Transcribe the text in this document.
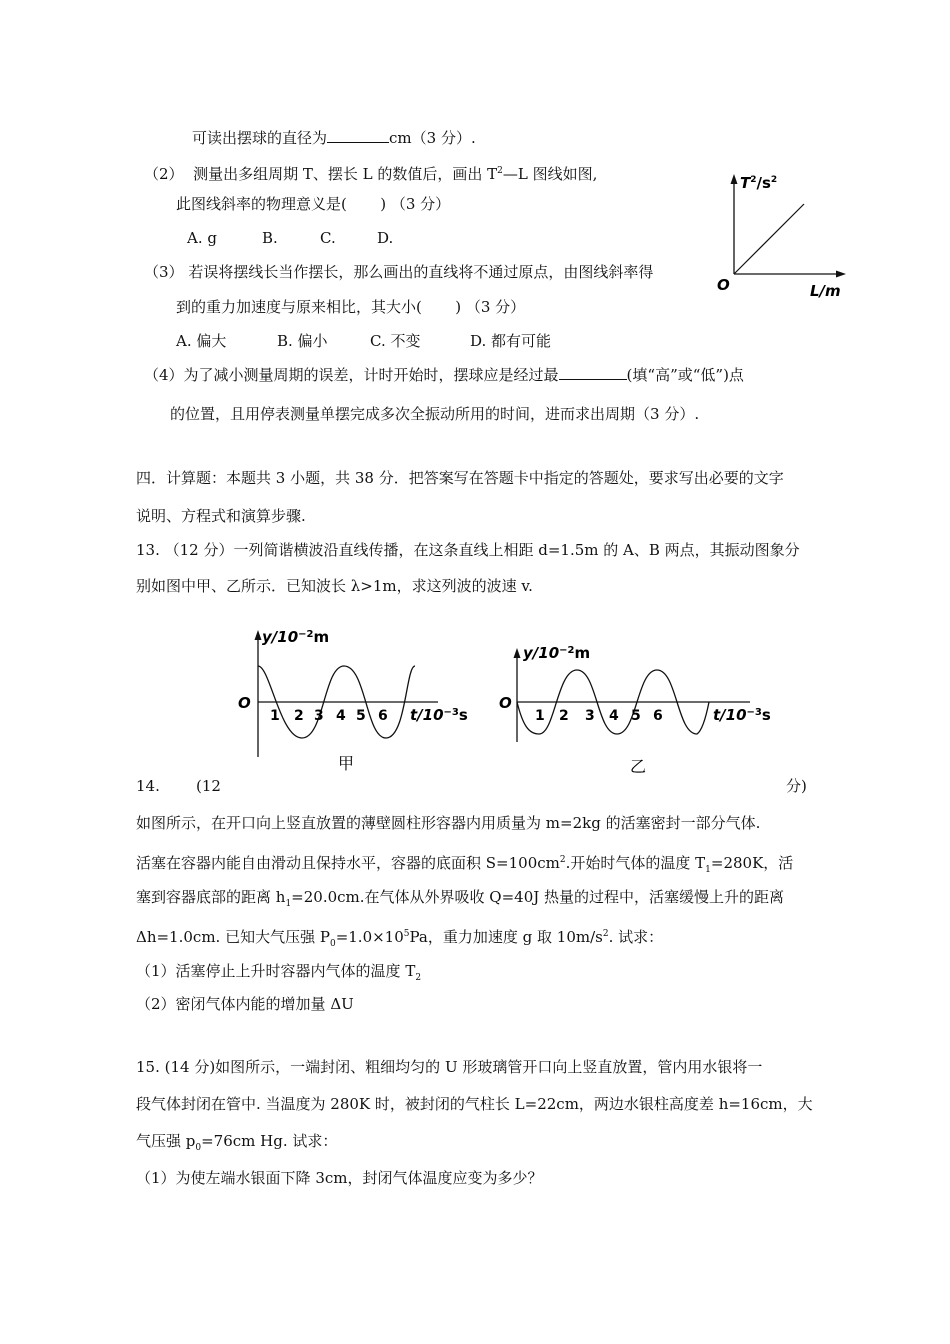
可读出摆球的直径为	cm（3 分）.
（2） 测量出多组周期 T、摆长 L 的数值后，画出 $T^2—L$ 图线如图,
此图线斜率的物理意义是(       ) （3 分）
A. g	B.	C.	D.
（3） 若误将摆线长当作摆长，那么画出的直线将不通过原点，由图线斜率得
到的重力加速度与原来相比，其大小(       ) （3 分）
A. 偏大	B. 偏小	C. 不变	D. 都有可能
（4）为了减小测量周期的误差，计时开始时，摆球应是经过最	(填“高”或“低”)点
的位置，且用停表测量单摆完成多次全振动所用的时间，进而求出周期（3 分）.
$T^2/s^2$
O	L/m
四．计算题：本题共 3 小题，共 38 分．把答案写在答题卡中指定的答题处，要求写出必要的文字
说明、方程式和演算步骤.
13. （12 分）一列简谐横波沿直线传播，在这条直线上相距 d=1.5m 的 A、B 两点，其振动图象分
别如图中甲、乙所示．已知波长 λ>1m，求这列波的波速 v.
$y/10^{-2}m$
O
1 2 3 4 5 6 $t/10^{-3}s$
甲
$y/10^{-2}m$
O
1 2 3 4 5 6	$t/10^{-3}s$
乙
14. (12	分)
如图所示，在开口向上竖直放置的薄壁圆柱形容器内用质量为 m=2kg 的活塞密封一部分气体.
活塞在容器内能自由滑动且保持水平，容器的底面积 $S=100cm^2$.开始时气体的温度 $T_1=280K$，活
塞到容器底部的距离 $h_1=20.0cm$.在气体从外界吸收 Q=40J 热量的过程中，活塞缓慢上升的距离
Δh=1.0cm. 已知大气压强 $P_0=1.0\times 10^5Pa$，重力加速度 g 取 $10m/s^2$. 试求：
（1）活塞停止上升时容器内气体的温度 $T_2$
（2）密闭气体内能的增加量 ΔU
15. (14 分)如图所示，一端封闭、粗细均匀的 U 形玻璃管开口向上竖直放置，管内用水银将一
段气体封闭在管中. 当温度为 280K 时，被封闭的气柱长 L=22cm，两边水银柱高度差 h=16cm，大
气压强 $p_0=76cm$ Hg. 试求：
（1）为使左端水银面下降 3cm，封闭气体温度应变为多少？
